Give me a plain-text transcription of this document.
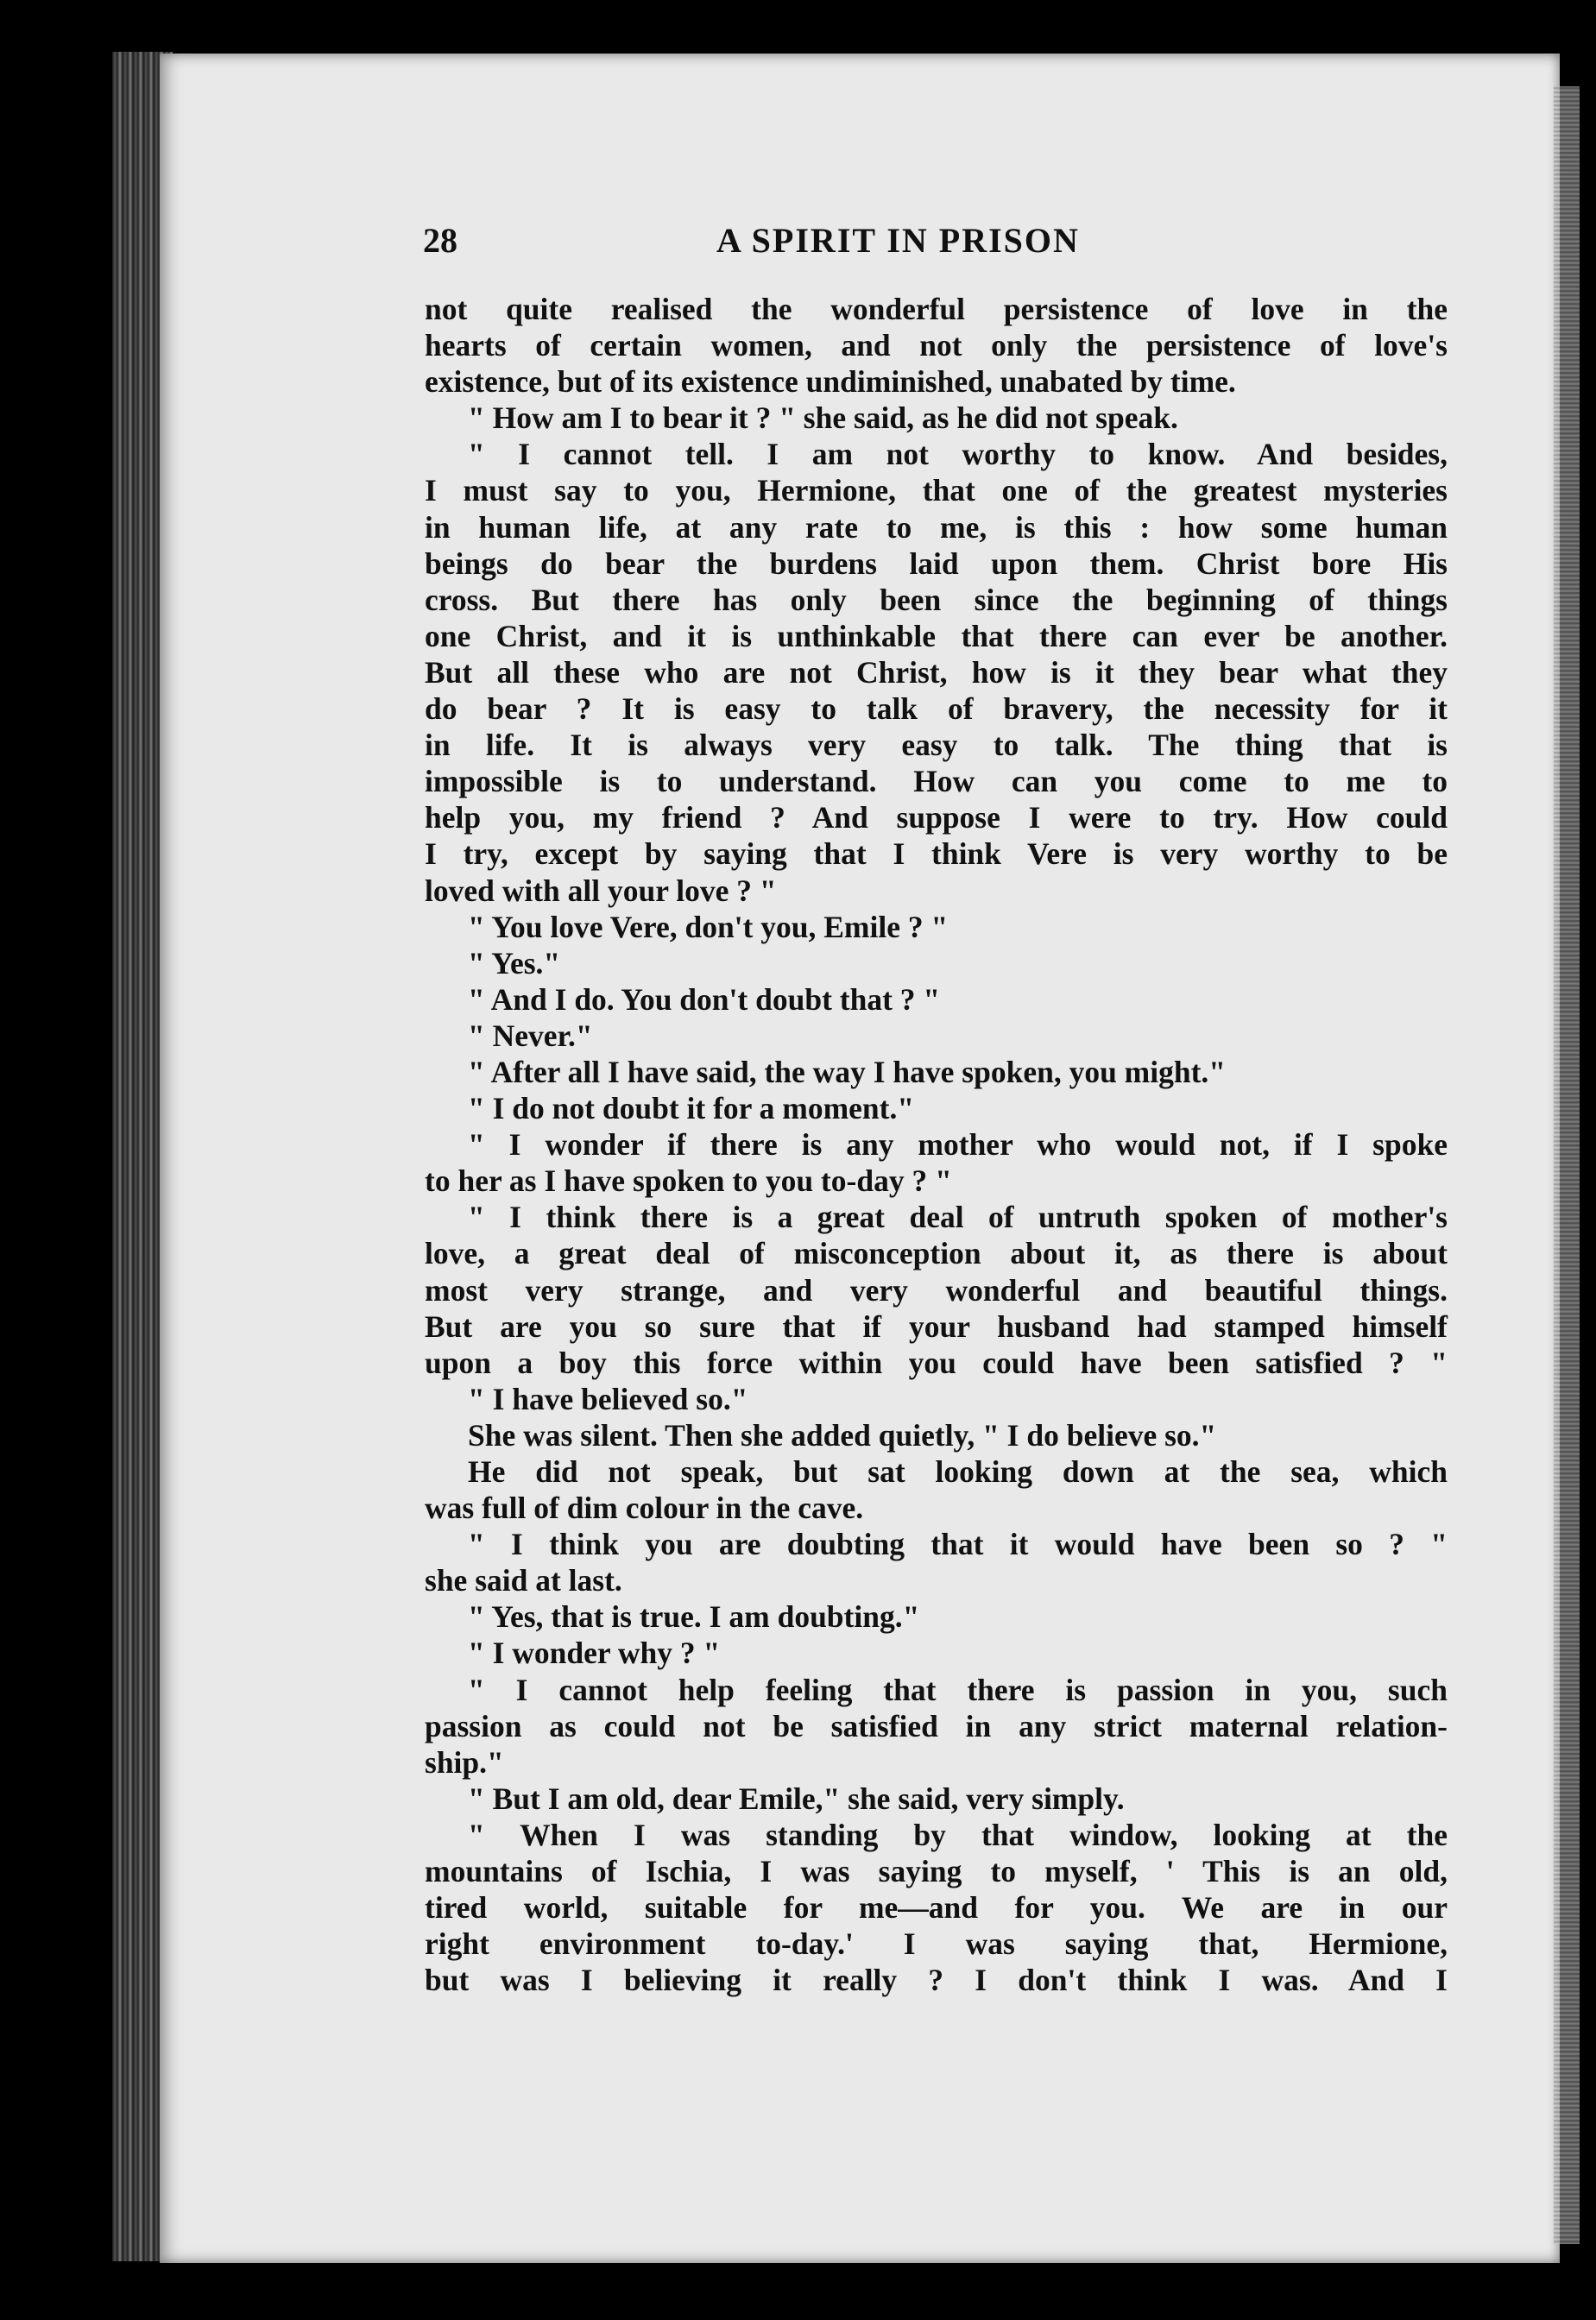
28	A SPIRIT IN PRISON
not quite realised the wonderful persistence of love in the
hearts of certain women, and not only the persistence of love's
existence, but of its existence undiminished, unabated by time.
" How am I to bear it ? " she said, as he did not speak.
" I cannot tell. I am not worthy to know. And besides,
I must say to you, Hermione, that one of the greatest mysteries
in human life, at any rate to me, is this : how some human
beings do bear the burdens laid upon them. Christ bore His
cross. But there has only been since the beginning of things
one Christ, and it is unthinkable that there can ever be another.
But all these who are not Christ, how is it they bear what they
do bear ? It is easy to talk of bravery, the necessity for it
in life. It is always very easy to talk. The thing that is
impossible is to understand. How can you come to me to
help you, my friend ? And suppose I were to try. How could
I try, except by saying that I think Vere is very worthy to be
loved with all your love ? "
" You love Vere, don't you, Emile ? "
" Yes."
" And I do. You don't doubt that ? "
" Never."
" After all I have said, the way I have spoken, you might."
" I do not doubt it for a moment."
" I wonder if there is any mother who would not, if I spoke
to her as I have spoken to you to-day ? "
" I think there is a great deal of untruth spoken of mother's
love, a great deal of misconception about it, as there is about
most very strange, and very wonderful and beautiful things.
But are you so sure that if your husband had stamped himself
upon a boy this force within you could have been satisfied ? "
" I have believed so."
She was silent. Then she added quietly, " I do believe so."
He did not speak, but sat looking down at the sea, which
was full of dim colour in the cave.
" I think you are doubting that it would have been so ? "
she said at last.
" Yes, that is true. I am doubting."
" I wonder why ? "
" I cannot help feeling that there is passion in you, such
passion as could not be satisfied in any strict maternal relation-
ship."
" But I am old, dear Emile," she said, very simply.
" When I was standing by that window, looking at the
mountains of Ischia, I was saying to myself, ' This is an old,
tired world, suitable for me—and for you. We are in our
right environment to-day.' I was saying that, Hermione,
but was I believing it really ? I don't think I was. And I
